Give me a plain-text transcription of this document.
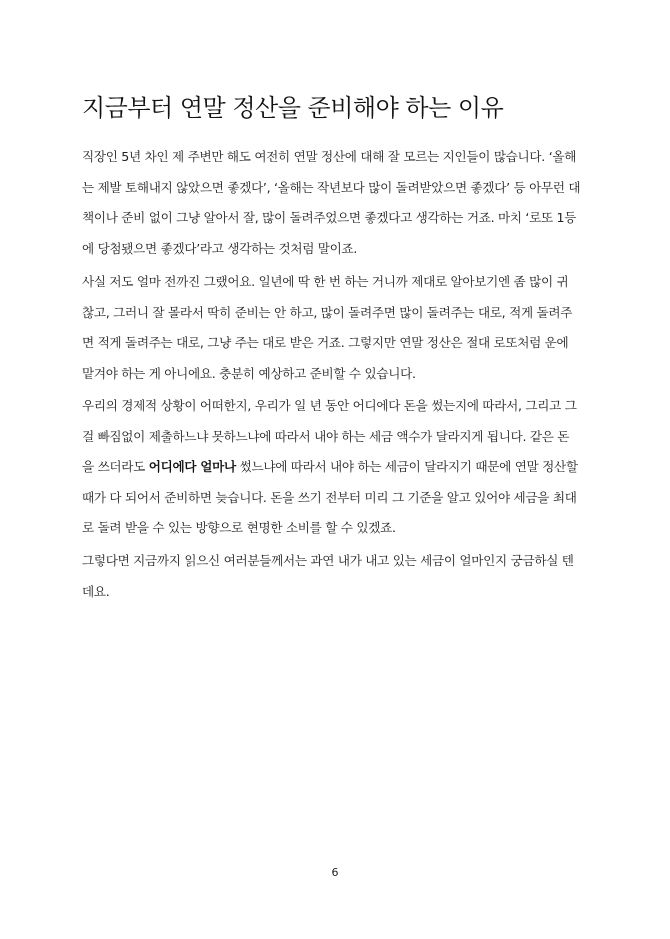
지금부터 연말 정산을 준비해야 하는 이유
직장인 5년 차인 제 주변만 해도 여전히 연말 정산에 대해 잘 모르는 지인들이 많습니다. ‘올해
는 제발 토해내지 않았으면 좋겠다’, ‘올해는 작년보다 많이 돌려받았으면 좋겠다’ 등 아무런 대
책이나 준비 없이 그냥 알아서 잘, 많이 돌려주었으면 좋겠다고 생각하는 거죠. 마치 ‘로또 1등
에 당첨됐으면 좋겠다’라고 생각하는 것처럼 말이죠.
사실 저도 얼마 전까진 그랬어요. 일년에 딱 한 번 하는 거니까 제대로 알아보기엔 좀 많이 귀
찮고, 그러니 잘 몰라서 딱히 준비는 안 하고, 많이 돌려주면 많이 돌려주는 대로, 적게 돌려주
면 적게 돌려주는 대로, 그냥 주는 대로 받은 거죠. 그렇지만 연말 정산은 절대 로또처럼 운에
맡겨야 하는 게 아니에요. 충분히 예상하고 준비할 수 있습니다.
우리의 경제적 상황이 어떠한지, 우리가 일 년 동안 어디에다 돈을 썼는지에 따라서, 그리고 그
걸 빠짐없이 제출하느냐 못하느냐에 따라서 내야 하는 세금 액수가 달라지게 됩니다. 같은 돈
을 쓰더라도 어디에다 얼마나 썼느냐에 따라서 내야 하는 세금이 달라지기 때문에 연말 정산할
때가 다 되어서 준비하면 늦습니다. 돈을 쓰기 전부터 미리 그 기준을 알고 있어야 세금을 최대
로 돌려 받을 수 있는 방향으로 현명한 소비를 할 수 있겠죠.
그렇다면 지금까지 읽으신 여러분들께서는 과연 내가 내고 있는 세금이 얼마인지 궁금하실 텐
데요.
6
